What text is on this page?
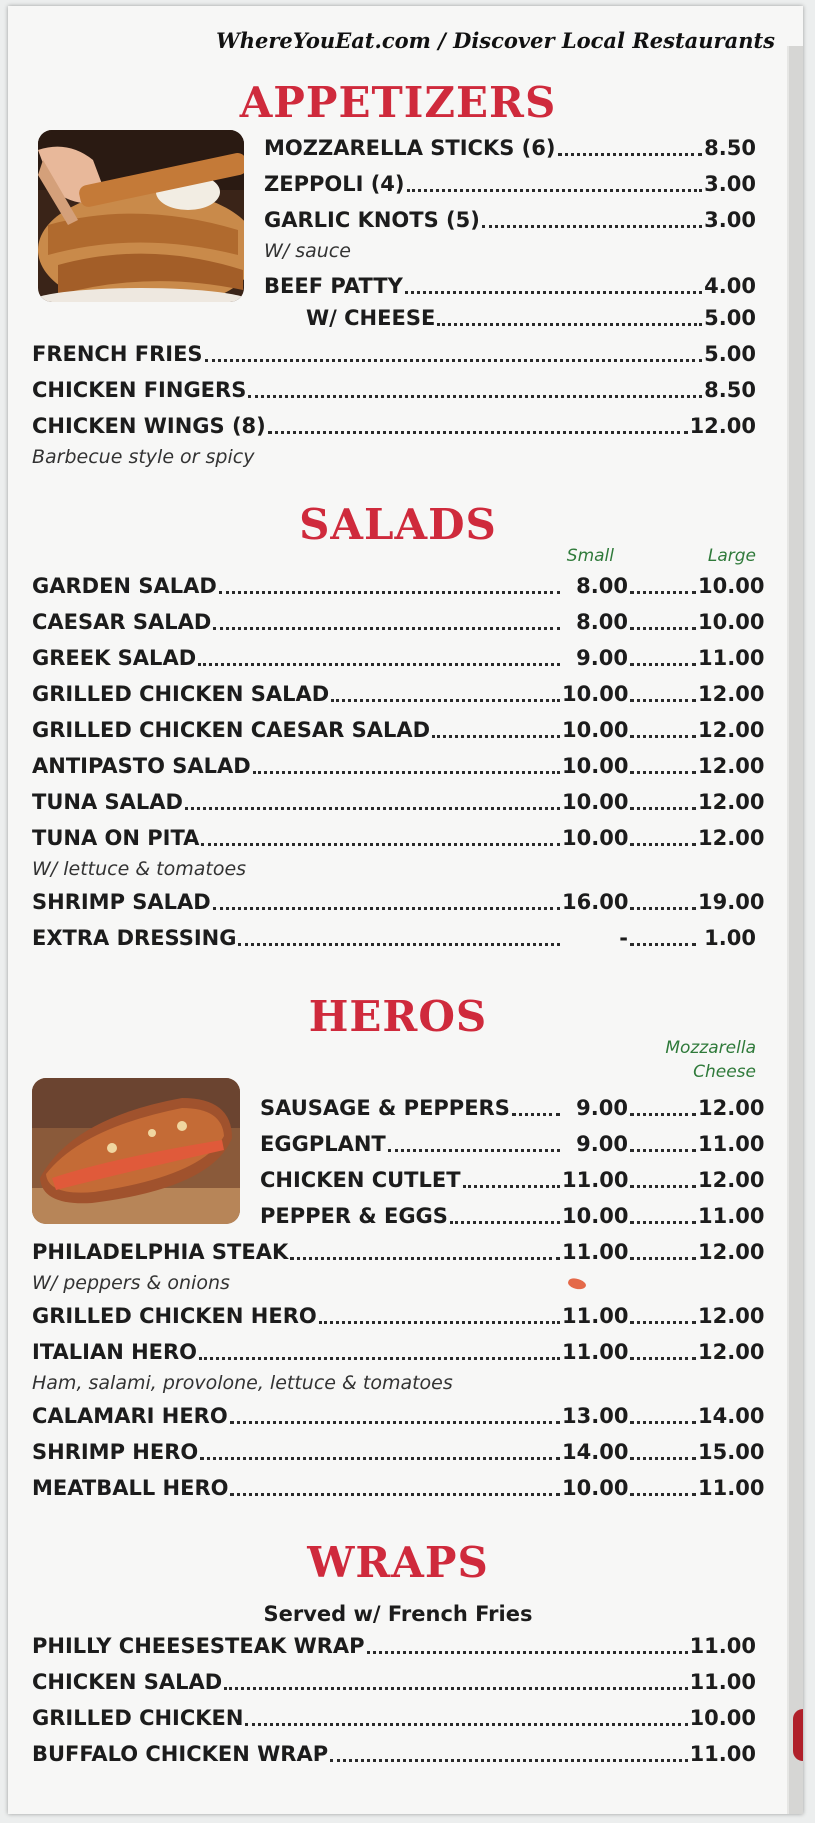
WhereYouEat.com / Discover Local Restaurants
APPETIZERS
MOZZARELLA STICKS (6)	8.50
ZEPPOLI (4)	3.00
GARLIC KNOTS (5)	3.00
W/ sauce
BEEF PATTY	4.00
W/ CHEESE	5.00
FRENCH FRIES	5.00
CHICKEN FINGERS	8.50
CHICKEN WINGS (8)	12.00
Barbecue style or spicy
SALADS
Small	Large
GARDEN SALAD	8.00	10.00
CAESAR SALAD	8.00	10.00
GREEK SALAD	9.00	11.00
GRILLED CHICKEN SALAD	10.00	12.00
GRILLED CHICKEN CAESAR SALAD	10.00	12.00
ANTIPASTO SALAD	10.00	12.00
TUNA SALAD	10.00	12.00
TUNA ON PITA	10.00	12.00
W/ lettuce & tomatoes
SHRIMP SALAD	16.00	19.00
EXTRA DRESSING	-	1.00
HEROS
Mozzarella
Cheese
SAUSAGE & PEPPERS	9.00	12.00
EGGPLANT	9.00	11.00
CHICKEN CUTLET	11.00	12.00
PEPPER & EGGS	10.00	11.00
PHILADELPHIA STEAK	11.00	12.00
W/ peppers & onions
GRILLED CHICKEN HERO	11.00	12.00
ITALIAN HERO	11.00	12.00
Ham, salami, provolone, lettuce & tomatoes
CALAMARI HERO	13.00	14.00
SHRIMP HERO	14.00	15.00
MEATBALL HERO	10.00	11.00
WRAPS
Served w/ French Fries
PHILLY CHEESESTEAK WRAP	11.00
CHICKEN SALAD	11.00
GRILLED CHICKEN	10.00
BUFFALO CHICKEN WRAP	11.00
